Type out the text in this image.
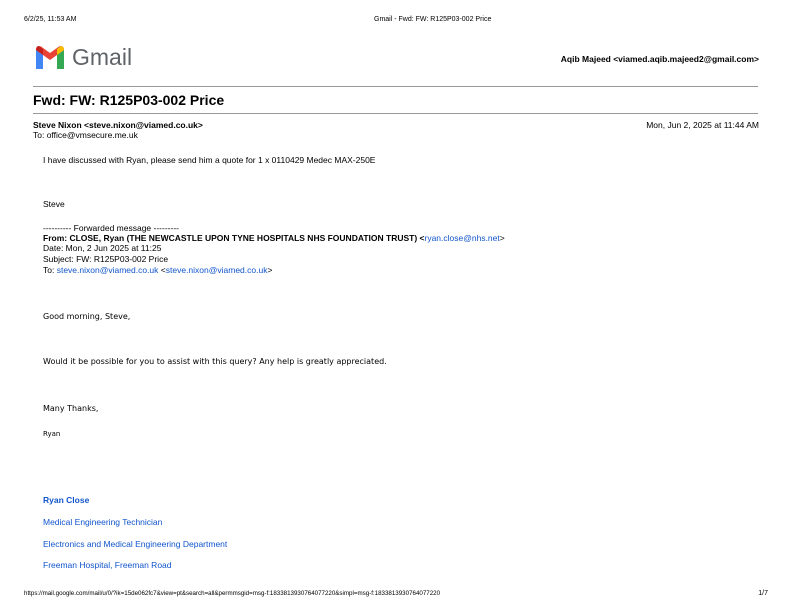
6/2/25, 11:53 AM	Gmail - Fwd: FW: R125P03-002 Price
Gmail	Aqib Majeed <viamed.aqib.majeed2@gmail.com>
Fwd: FW: R125P03-002 Price
Steve Nixon <steve.nixon@viamed.co.uk>	Mon, Jun 2, 2025 at 11:44 AM
To: office@vmsecure.me.uk
I have discussed with Ryan, please send him a quote for 1 x 0110429 Medec MAX-250E
Steve
---------- Forwarded message ---------
From: CLOSE, Ryan (THE NEWCASTLE UPON TYNE HOSPITALS NHS FOUNDATION TRUST) <ryan.close@nhs.net>
Date: Mon, 2 Jun 2025 at 11:25
Subject: FW: R125P03-002 Price
To: steve.nixon@viamed.co.uk <steve.nixon@viamed.co.uk>
Good morning, Steve,
Would it be possible for you to assist with this query? Any help is greatly appreciated.
Many Thanks,
Ryan
Ryan Close
Medical Engineering Technician
Electronics and Medical Engineering Department
Freeman Hospital, Freeman Road
https://mail.google.com/mail/u/0/?ik=15de062fc7&view=pt&search=all&permmsgid=msg-f:1833813930764077220&simpl=msg-f:1833813930764077220	1/7
